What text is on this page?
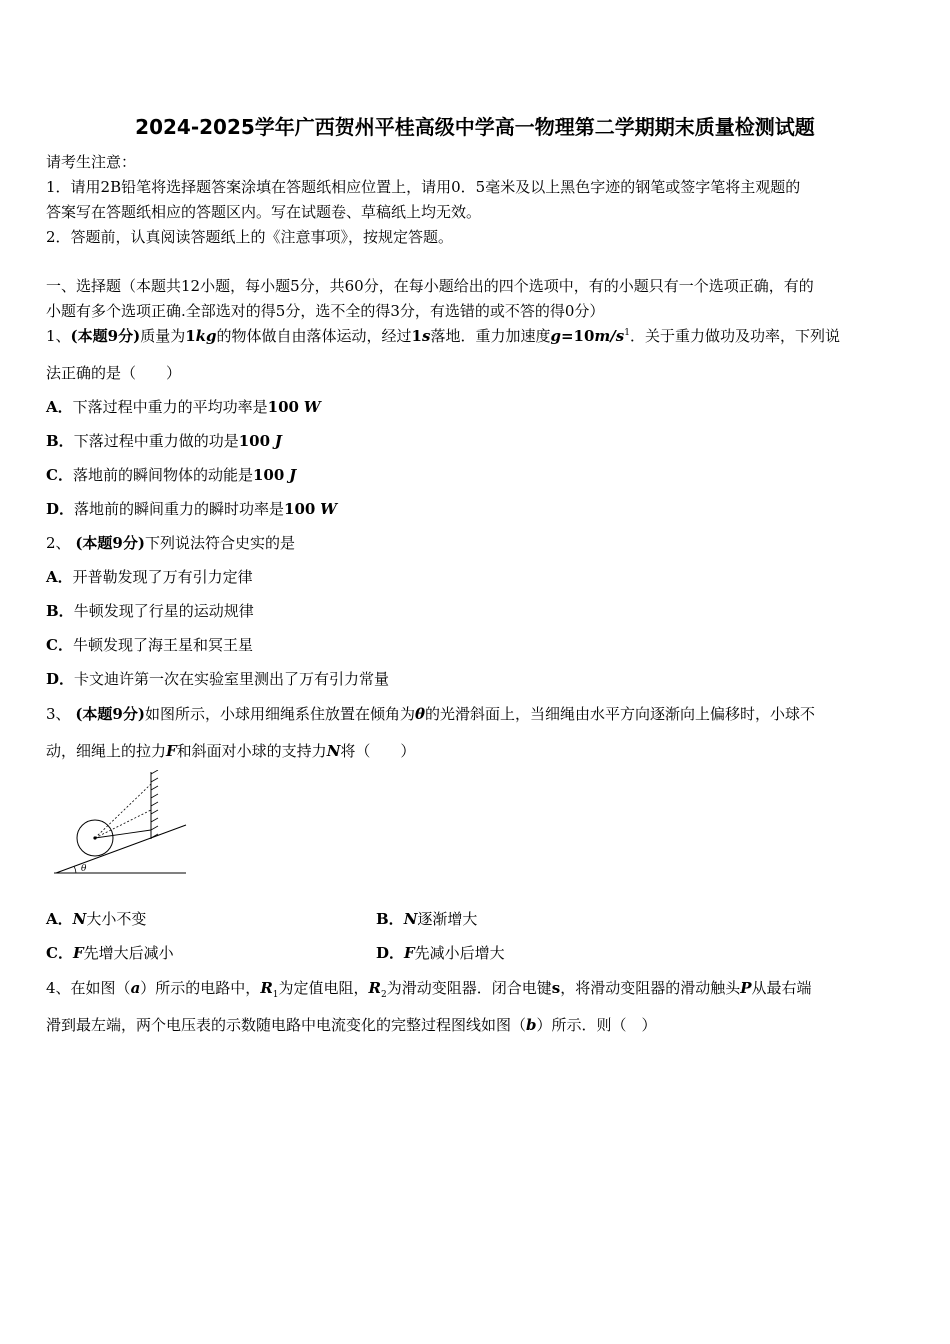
2024-2025学年广西贺州平桂高级中学高一物理第二学期期末质量检测试题
请考生注意：
1．请用2B铅笔将选择题答案涂填在答题纸相应位置上，请用0．5毫米及以上黑色字迹的钢笔或签字笔将主观题的
答案写在答题纸相应的答题区内。写在试题卷、草稿纸上均无效。
2．答题前，认真阅读答题纸上的《注意事项》，按规定答题。
一、选择题（本题共12小题，每小题5分，共60分，在每小题给出的四个选项中，有的小题只有一个选项正确，有的
小题有多个选项正确.全部选对的得5分，选不全的得3分，有选错的或不答的得0分）
1、(本题9分)质量为1kg的物体做自由落体运动，经过1s落地．重力加速度$g=10m/s^1$．关于重力做功及功率，下列说
法正确的是（　　）
A．下落过程中重力的平均功率是100 W
B．下落过程中重力做的功是100 J
C．落地前的瞬间物体的动能是100 J
D．落地前的瞬间重力的瞬时功率是100 W
2、 (本题9分)下列说法符合史实的是
A．开普勒发现了万有引力定律
B．牛顿发现了行星的运动规律
C．牛顿发现了海王星和冥王星
D．卡文迪许第一次在实验室里测出了万有引力常量
3、 (本题9分)如图所示，小球用细绳系住放置在倾角为θ的光滑斜面上，当细绳由水平方向逐渐向上偏移时，小球不
动，细绳上的拉力F和斜面对小球的支持力N将（　　）
θ
A．N大小不变	B．N逐渐增大
C．F先增大后减小	D．F先减小后增大
4、在如图（a）所示的电路中，$R_1$为定值电阻，$R_2$为滑动变阻器．闭合电键s，将滑动变阻器的滑动触头P从最右端
滑到最左端，两个电压表的示数随电路中电流变化的完整过程图线如图（b）所示．则（　）
